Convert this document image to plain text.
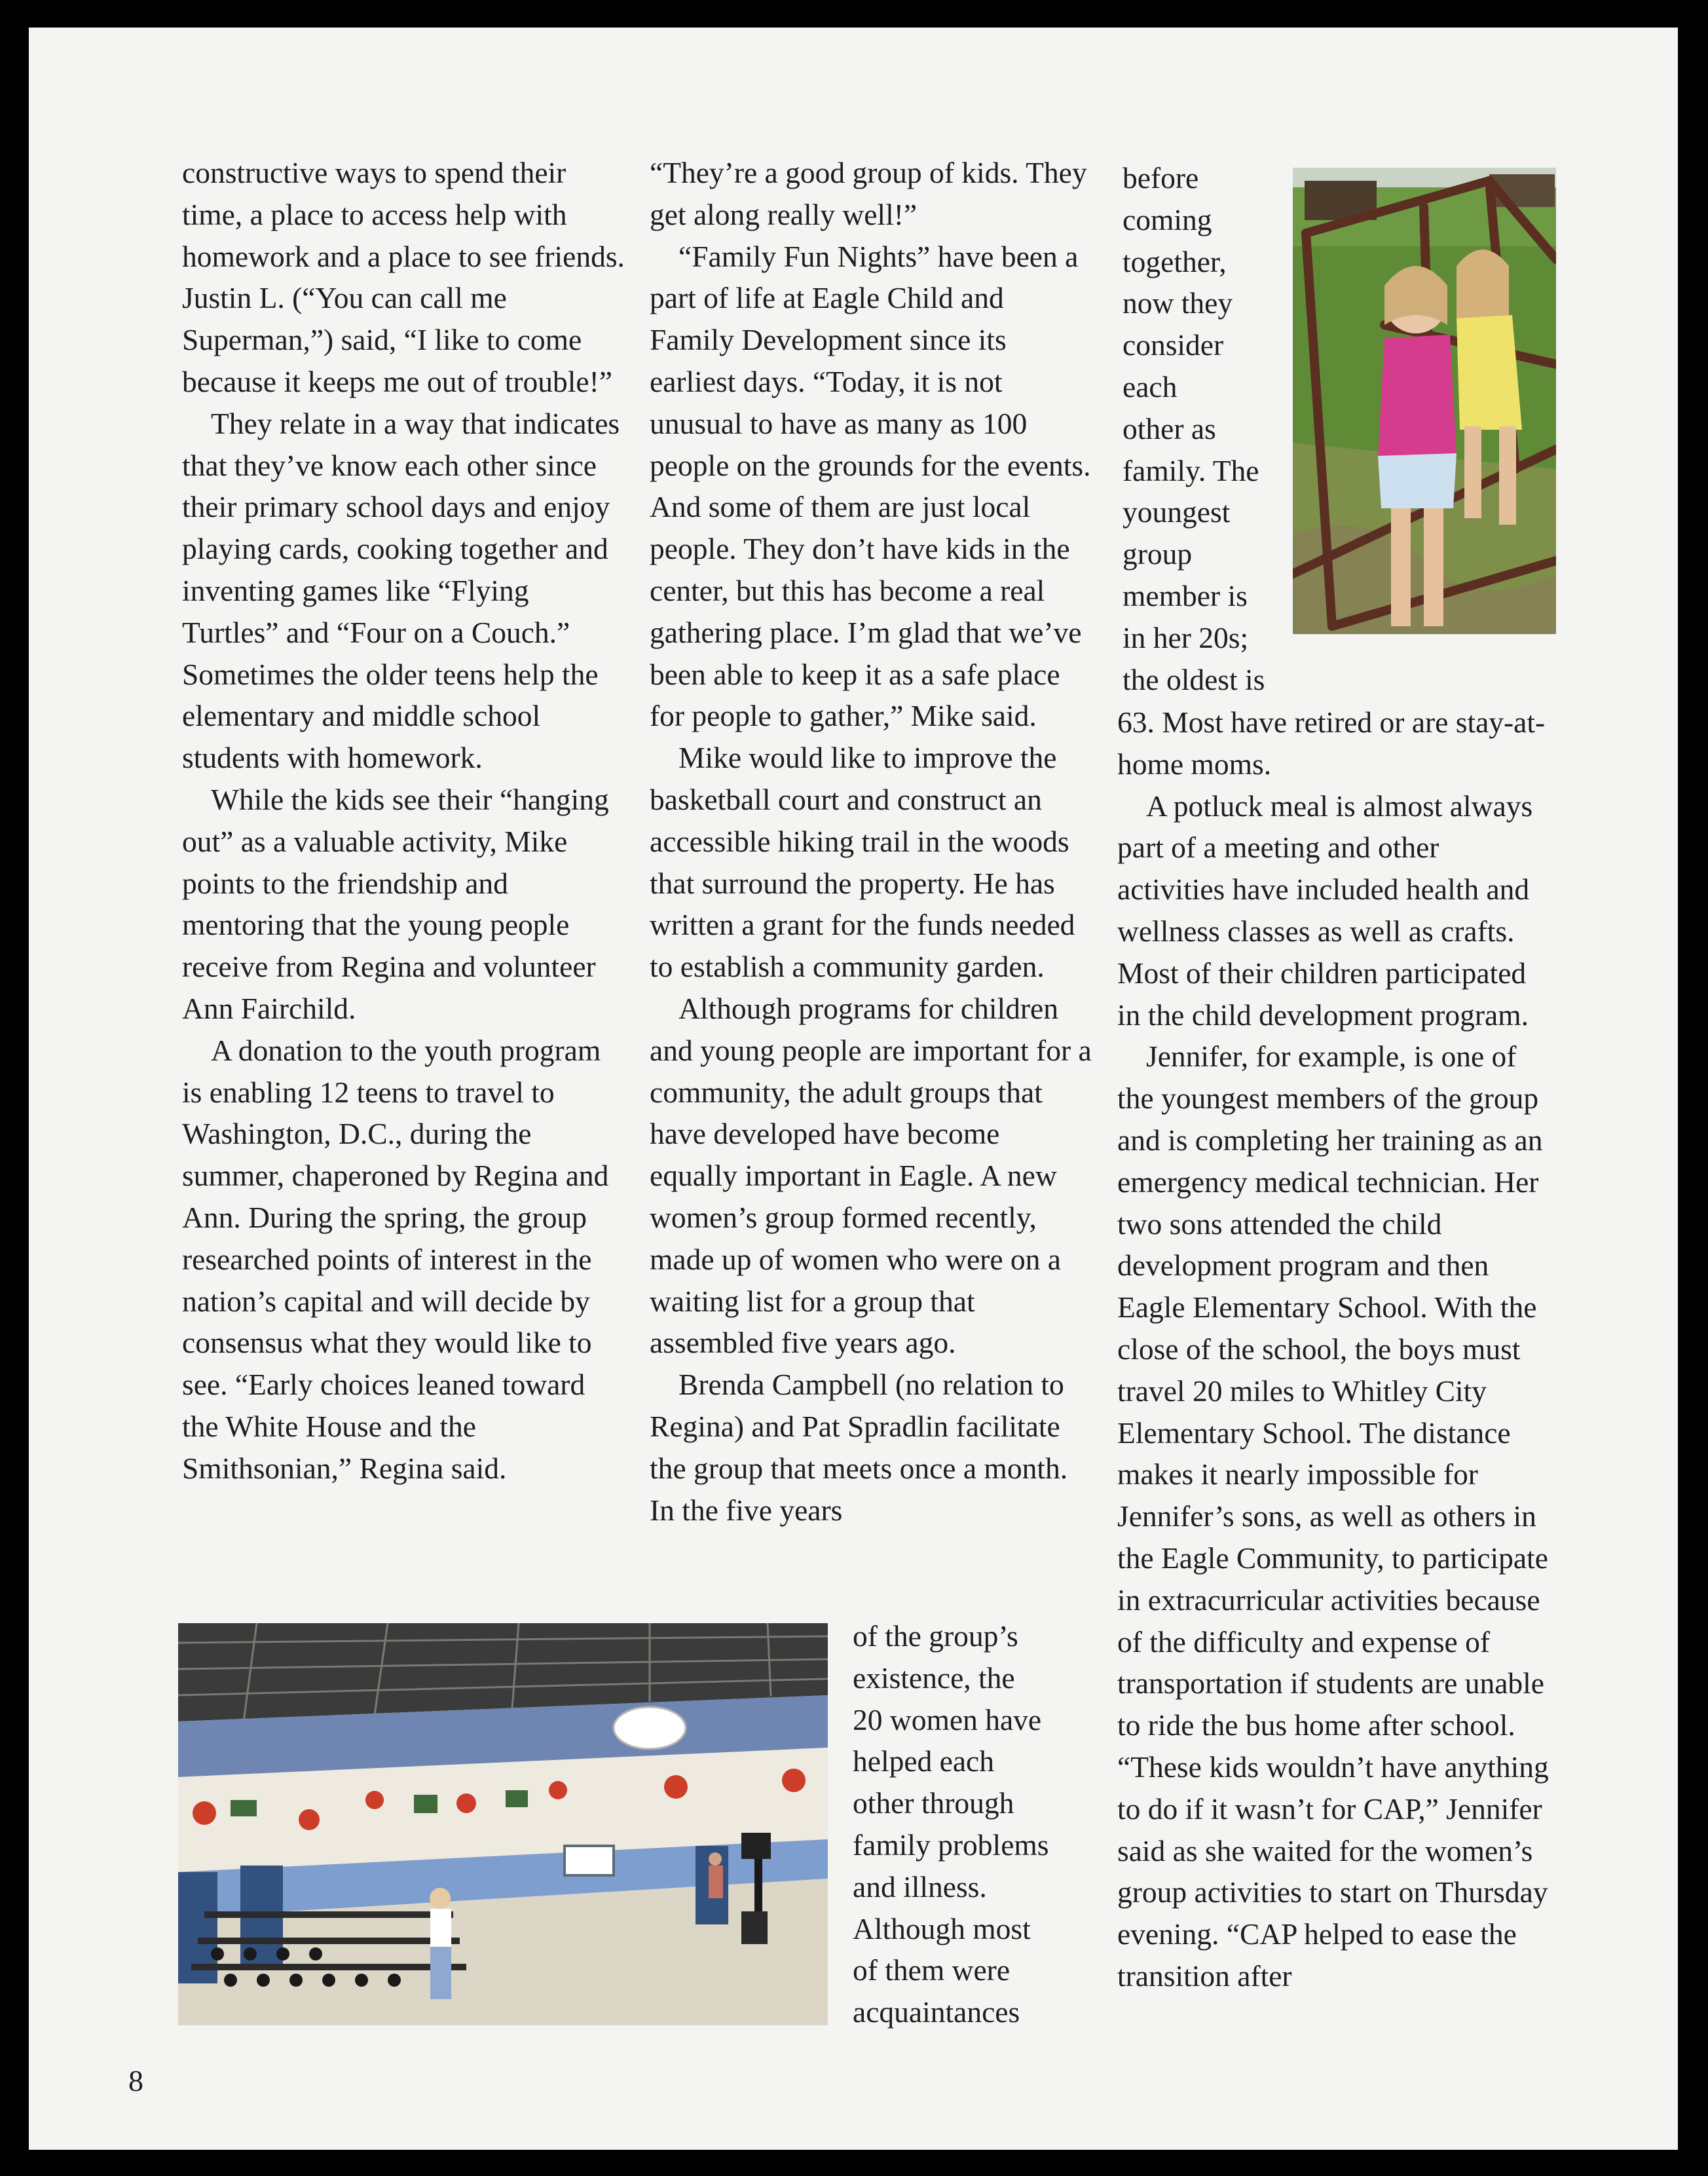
constructive ways to spend their time, a place to access help with homework and a place to see friends. Justin L. (“You can call me Superman,”) said, “I like to come because it keeps me out of trouble!”

They relate in a way that indicates that they’ve know each other since their primary school days and enjoy playing cards, cooking together and inventing games like “Flying Turtles” and “Four on a Couch.” Sometimes the older teens help the elementary and middle school students with homework.

While the kids see their “hanging out” as a valuable activity, Mike points to the friendship and mentoring that the young people receive from Regina and volunteer Ann Fairchild.

A donation to the youth program is enabling 12 teens to travel to Washington, D.C., during the summer, chaperoned by Regina and Ann. During the spring, the group researched points of interest in the nation’s capital and will decide by consensus what they would like to see. “Early choices leaned toward the White House and the Smithsonian,” Regina said.

“They’re a good group of kids. They get along really well!”

“Family Fun Nights” have been a part of life at Eagle Child and Family Development since its earliest days. “Today, it is not unusual to have as many as 100 people on the grounds for the events. And some of them are just local people. They don’t have kids in the center, but this has become a real gathering place. I’m glad that we’ve been able to keep it as a safe place for people to gather,” Mike said.

Mike would like to improve the basketball court and construct an accessible hiking trail in the woods that surround the property. He has written a grant for the funds needed to establish a community garden.

Although programs for children and young people are important for a community, the adult groups that have developed have become equally important in Eagle. A new women’s group formed recently, made up of women who were on a waiting list for a group that assembled five years ago.

Brenda Campbell (no relation to Regina) and Pat Spradlin facilitate the group that meets once a month. In the five years

of the group’s
existence, the
20 women have
helped each
other through
family problems
and illness.
Although most
of them were
acquaintances
before
coming
together,
now they
consider
each
other as
family. The
youngest
group
member is
in her 20s;
the oldest is

63. Most have retired or are stay-at-home moms.

A potluck meal is almost always part of a meeting and other activities have included health and wellness classes as well as crafts. Most of their children participated in the child development program.

Jennifer, for example, is one of the youngest members of the group and is completing her training as an emergency medical technician. Her two sons attended the child development program and then Eagle Elementary School. With the close of the school, the boys must travel 20 miles to Whitley City Elementary School. The distance makes it nearly impossible for Jennifer’s sons, as well as others in the Eagle Community, to participate in extracurricular activities because of the difficulty and expense of transportation if students are unable to ride the bus home after school. “These kids wouldn’t have anything to do if it wasn’t for CAP,” Jennifer said as she waited for the women’s group activities to start on Thursday evening. “CAP helped to ease the transition after

8
